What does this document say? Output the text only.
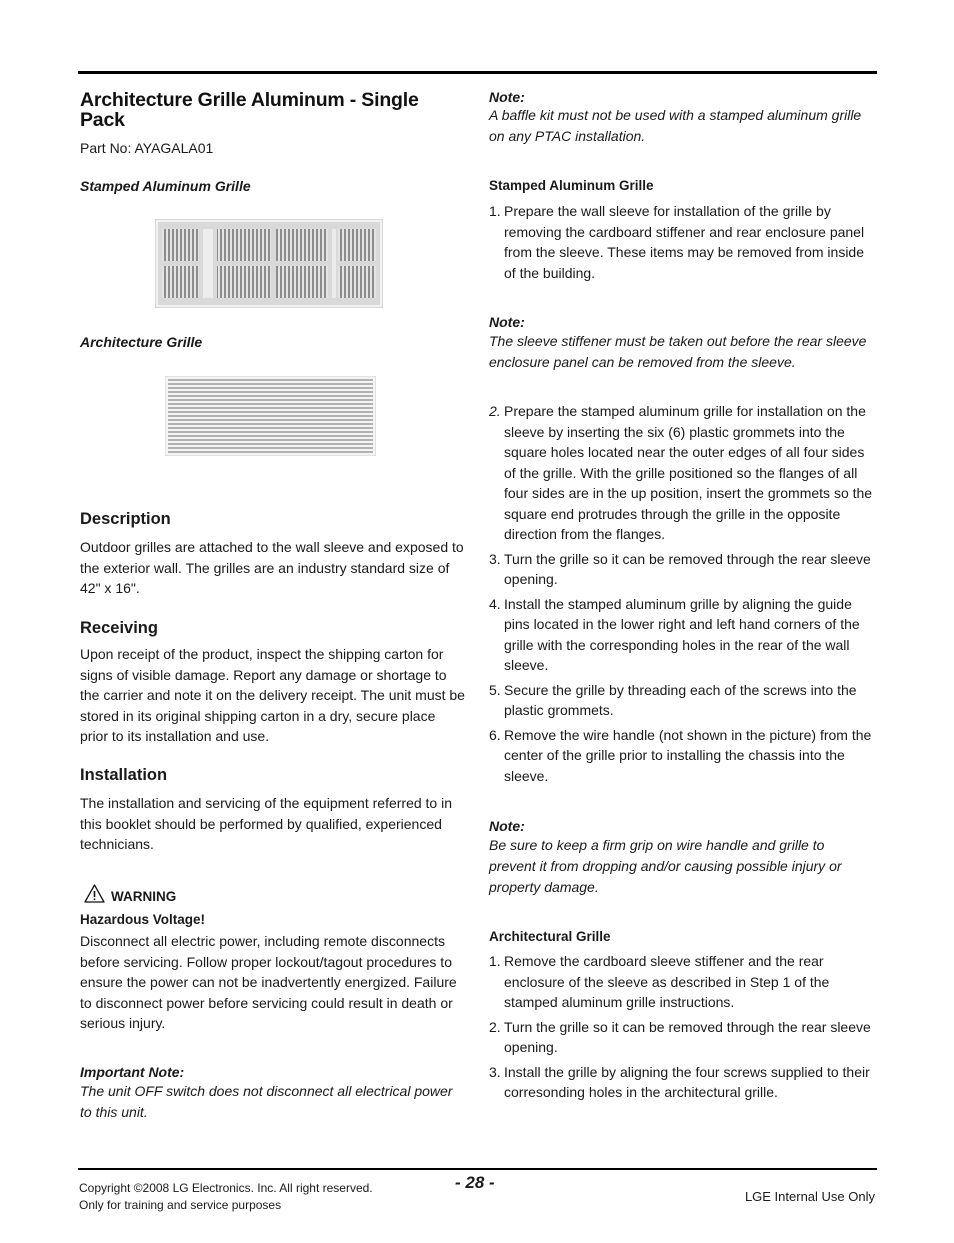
Architecture Grille Aluminum - Single Pack
Part No: AYAGALA01
Stamped Aluminum Grille
Architecture Grille
Description
Outdoor grilles are attached to the wall sleeve and exposed to the exterior wall. The grilles are an industry standard size of 42" x 16".
Receiving
Upon receipt of the product, inspect the shipping carton for signs of visible damage. Report any damage or shortage to the carrier and note it on the delivery receipt. The unit must be stored in its original shipping carton in a dry, secure place prior to its installation and use.
Installation
The installation and servicing of the equipment referred to in this booklet should be performed by qualified, experienced technicians.
WARNING
Hazardous Voltage!
Disconnect all electric power, including remote disconnects before servicing. Follow proper lockout/tagout procedures to ensure the power can not be inadvertently energized. Failure to disconnect power before servicing could result in death or serious injury.
Important Note:
The unit OFF switch does not disconnect all electrical power to this unit.
Note:
A baffle kit must not be used with a stamped aluminum grille on any PTAC installation.
Stamped Aluminum Grille
1. Prepare the wall sleeve for installation of the grille by removing the cardboard stiffener and rear enclosure panel from the sleeve. These items may be removed from inside of the building.
Note:
The sleeve stiffener must be taken out before the rear sleeve enclosure panel can be removed from the sleeve.
2. Prepare the stamped aluminum grille for installation on the sleeve by inserting the six (6) plastic grommets into the square holes located near the outer edges of all four sides of the grille. With the grille positioned so the flanges of all four sides are in the up position, insert the grommets so the square end protrudes through the grille in the opposite direction from the flanges.
3. Turn the grille so it can be removed through the rear sleeve opening.
4. Install the stamped aluminum grille by aligning the guide pins located in the lower right and left hand corners of the grille with the corresponding holes in the rear of the wall sleeve.
5. Secure the grille by threading each of the screws into the plastic grommets.
6. Remove the wire handle (not shown in the picture) from the center of the grille prior to installing the chassis into the sleeve.
Note:
Be sure to keep a firm grip on wire handle and grille to prevent it from dropping and/or causing possible injury or property damage.
Architectural Grille
1. Remove the cardboard sleeve stiffener and the rear enclosure of the sleeve as described in Step 1 of the stamped aluminum grille instructions.
2. Turn the grille so it can be removed through the rear sleeve opening.
3. Install the grille by aligning the four screws supplied to their corresonding holes in the architectural grille.
- 28 -
Copyright ©2008 LG Electronics. Inc. All right reserved.
Only for training and service purposes
LGE Internal Use Only
